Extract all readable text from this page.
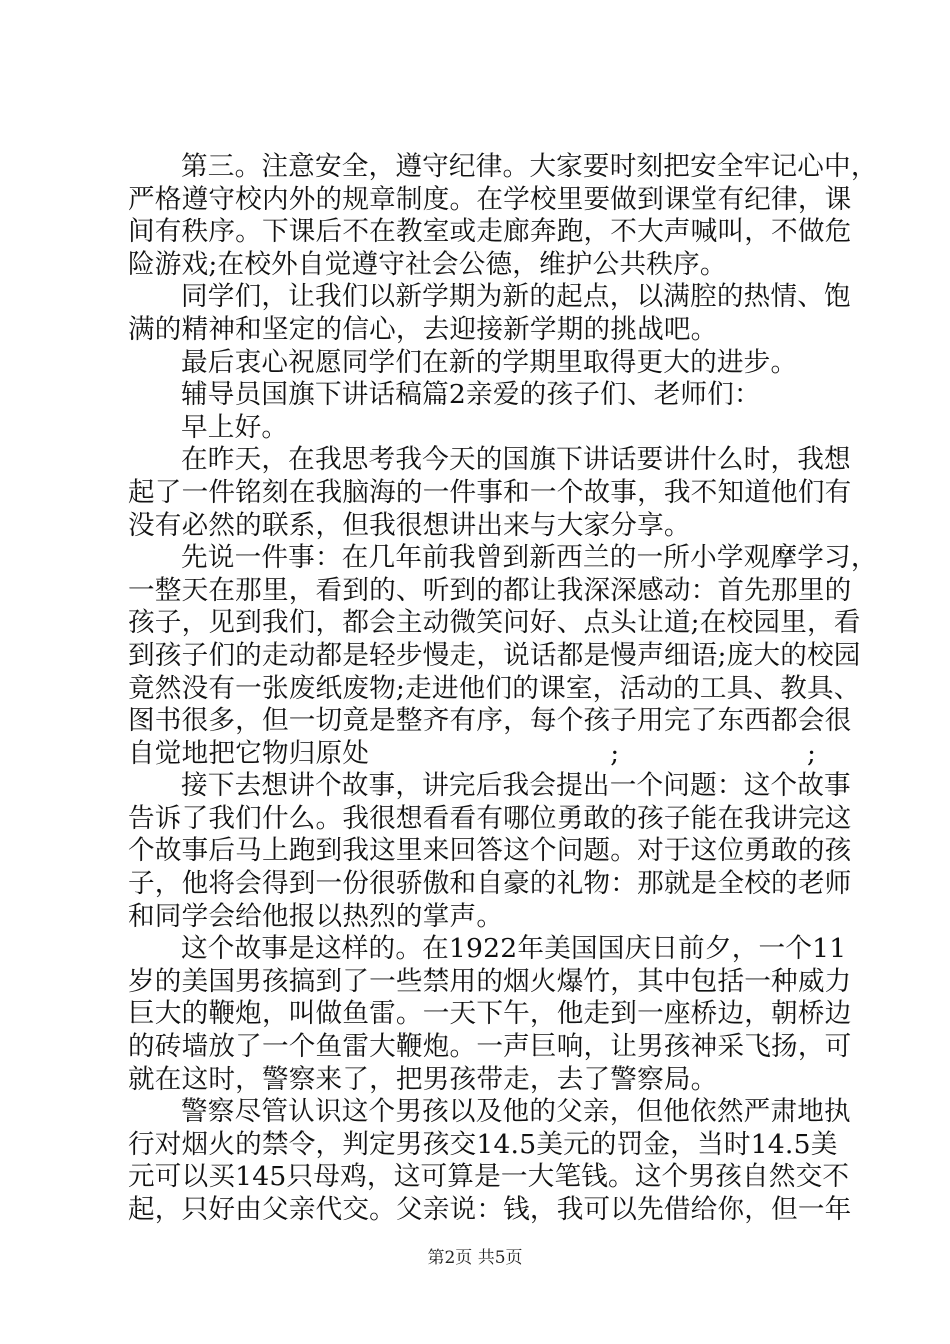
第三。注意安全，遵守纪律。大家要时刻把安全牢记心中，
严格遵守校内外的规章制度。在学校里要做到课堂有纪律，课
间有秩序。下课后不在教室或走廊奔跑，不大声喊叫，不做危
险游戏;在校外自觉遵守社会公德，维护公共秩序。

同学们，让我们以新学期为新的起点，以满腔的热情、饱
满的精神和坚定的信心，去迎接新学期的挑战吧。

最后衷心祝愿同学们在新的学期里取得更大的进步。

辅导员国旗下讲话稿篇2亲爱的孩子们、老师们：

早上好。

在昨天，在我思考我今天的国旗下讲话要讲什么时，我想
起了一件铭刻在我脑海的一件事和一个故事，我不知道他们有
没有必然的联系，但我很想讲出来与大家分享。

先说一件事：在几年前我曾到新西兰的一所小学观摩学习，
一整天在那里，看到的、听到的都让我深深感动：首先那里的
孩子，见到我们，都会主动微笑问好、点头让道;在校园里，看
到孩子们的走动都是轻步慢走，说话都是慢声细语;庞大的校园
竟然没有一张废纸废物;走进他们的课室，活动的工具、教具、
图书很多，但一切竟是整齐有序，每个孩子用完了东西都会很
自觉地把它物归原处　　　　　　　　　;　　　　　　　;

接下去想讲个故事，讲完后我会提出一个问题：这个故事
告诉了我们什么。我很想看看有哪位勇敢的孩子能在我讲完这
个故事后马上跑到我这里来回答这个问题。对于这位勇敢的孩
子，他将会得到一份很骄傲和自豪的礼物：那就是全校的老师
和同学会给他报以热烈的掌声。

这个故事是这样的。在1922年美国国庆日前夕，一个11
岁的美国男孩搞到了一些禁用的烟火爆竹，其中包括一种威力
巨大的鞭炮，叫做鱼雷。一天下午，他走到一座桥边，朝桥边
的砖墙放了一个鱼雷大鞭炮。一声巨响，让男孩神采飞扬，可
就在这时，警察来了，把男孩带走，去了警察局。

警察尽管认识这个男孩以及他的父亲，但他依然严肃地执
行对烟火的禁令，判定男孩交14.5美元的罚金，当时14.5美
元可以买145只母鸡，这可算是一大笔钱。这个男孩自然交不
起，只好由父亲代交。父亲说：钱，我可以先借给你，但一年

第2页 共5页
